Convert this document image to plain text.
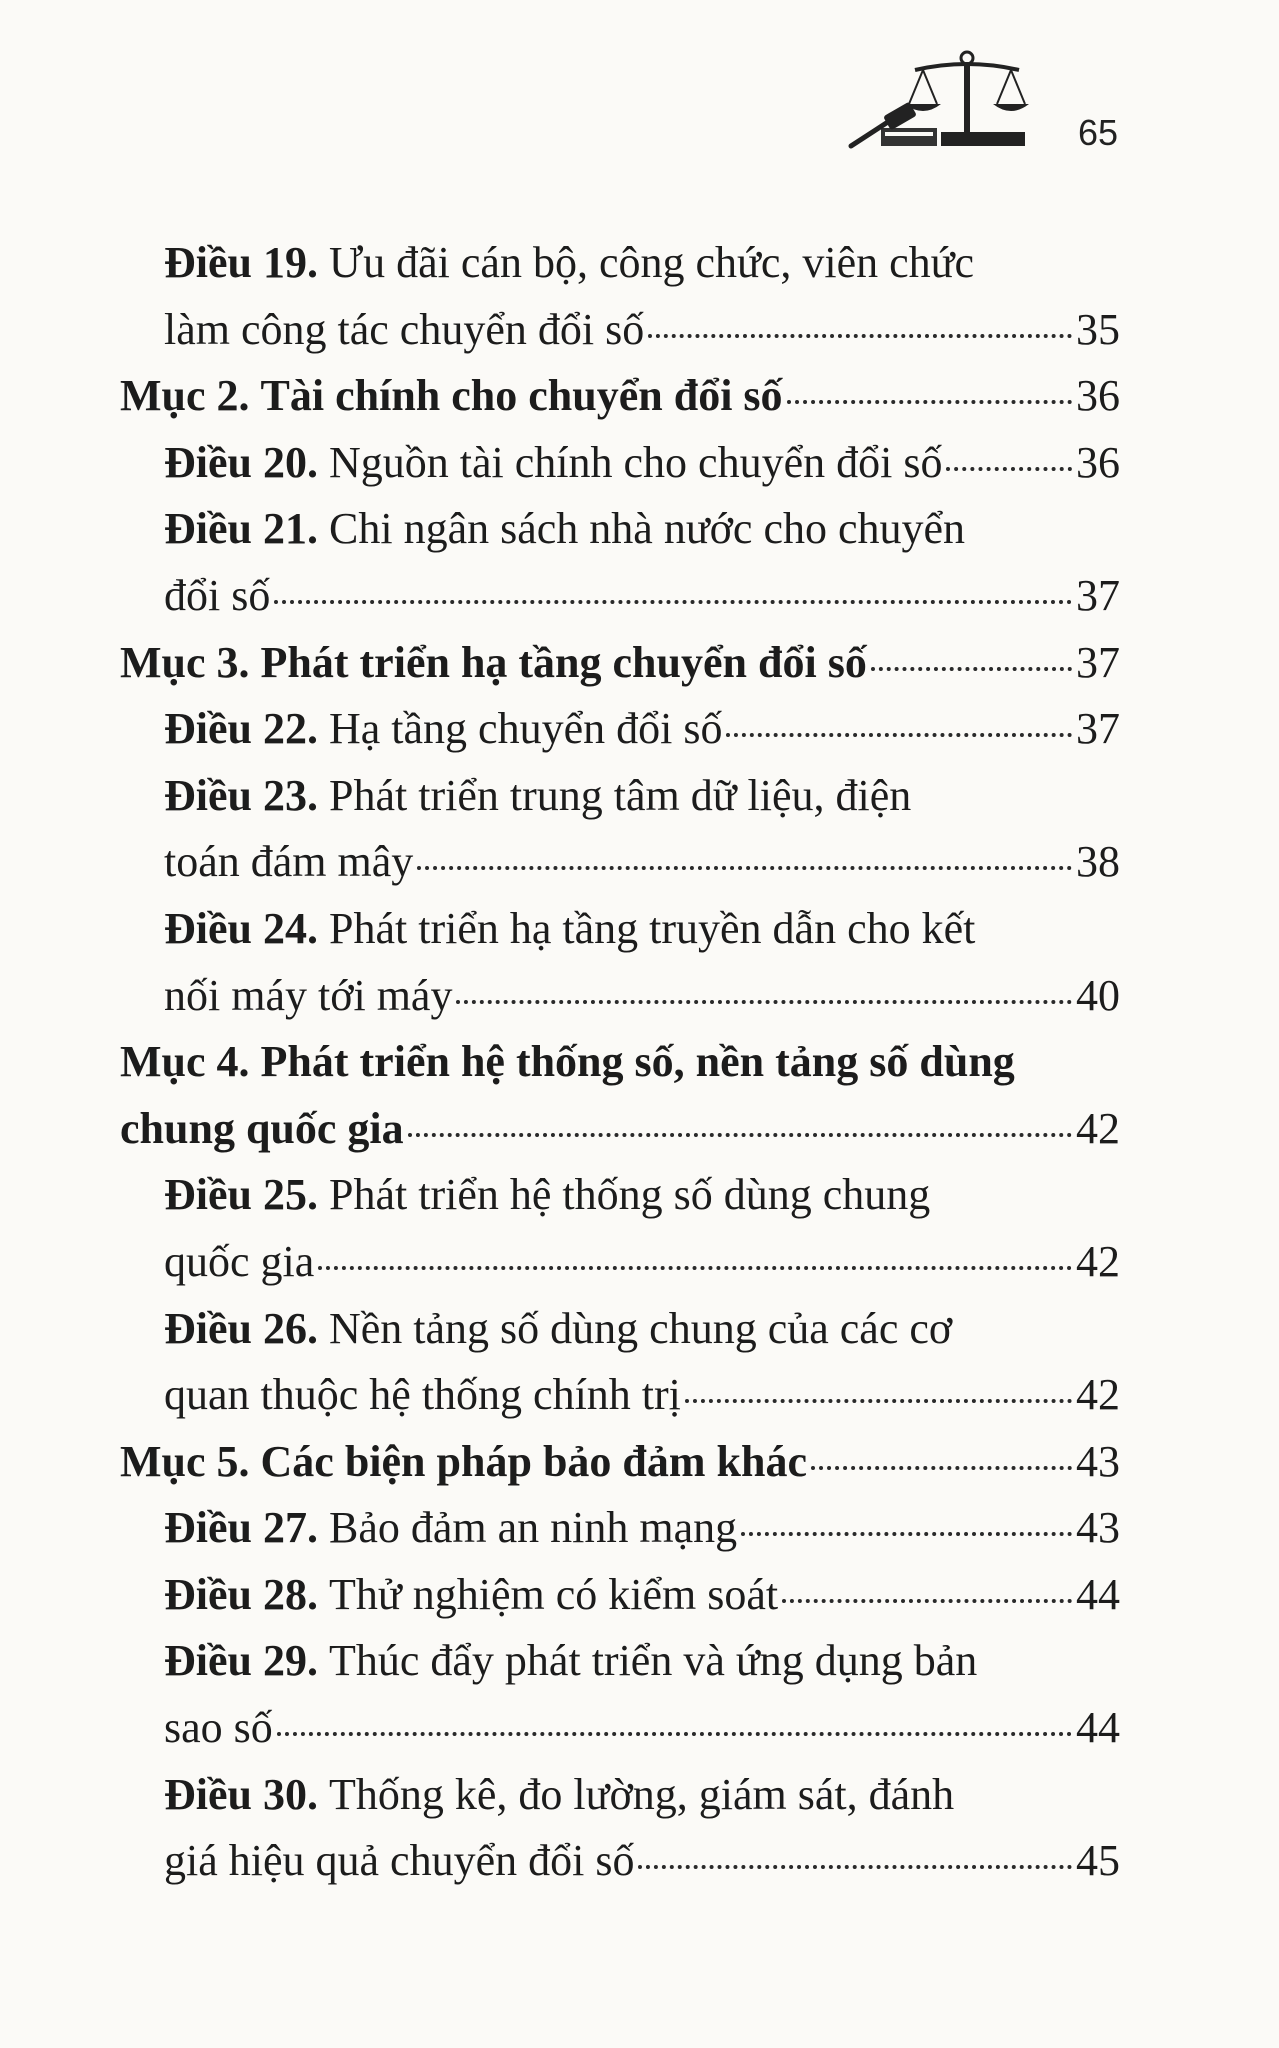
65
Điều 19. Ưu đãi cán bộ, công chức, viên chức
làm công tác chuyển đổi số	35
Mục 2. Tài chính cho chuyển đổi số	36
Điều 20. Nguồn tài chính cho chuyển đổi số	36
Điều 21. Chi ngân sách nhà nước cho chuyển
đổi số	37
Mục 3. Phát triển hạ tầng chuyển đổi số	37
Điều 22. Hạ tầng chuyển đổi số	37
Điều 23. Phát triển trung tâm dữ liệu, điện
toán đám mây	38
Điều 24. Phát triển hạ tầng truyền dẫn cho kết
nối máy tới máy	40
Mục 4. Phát triển hệ thống số, nền tảng số dùng
chung quốc gia	42
Điều 25. Phát triển hệ thống số dùng chung
quốc gia	42
Điều 26. Nền tảng số dùng chung của các cơ
quan thuộc hệ thống chính trị	42
Mục 5. Các biện pháp bảo đảm khác	43
Điều 27. Bảo đảm an ninh mạng	43
Điều 28. Thử nghiệm có kiểm soát	44
Điều 29. Thúc đẩy phát triển và ứng dụng bản
sao số	44
Điều 30. Thống kê, đo lường, giám sát, đánh
giá hiệu quả chuyển đổi số	45
